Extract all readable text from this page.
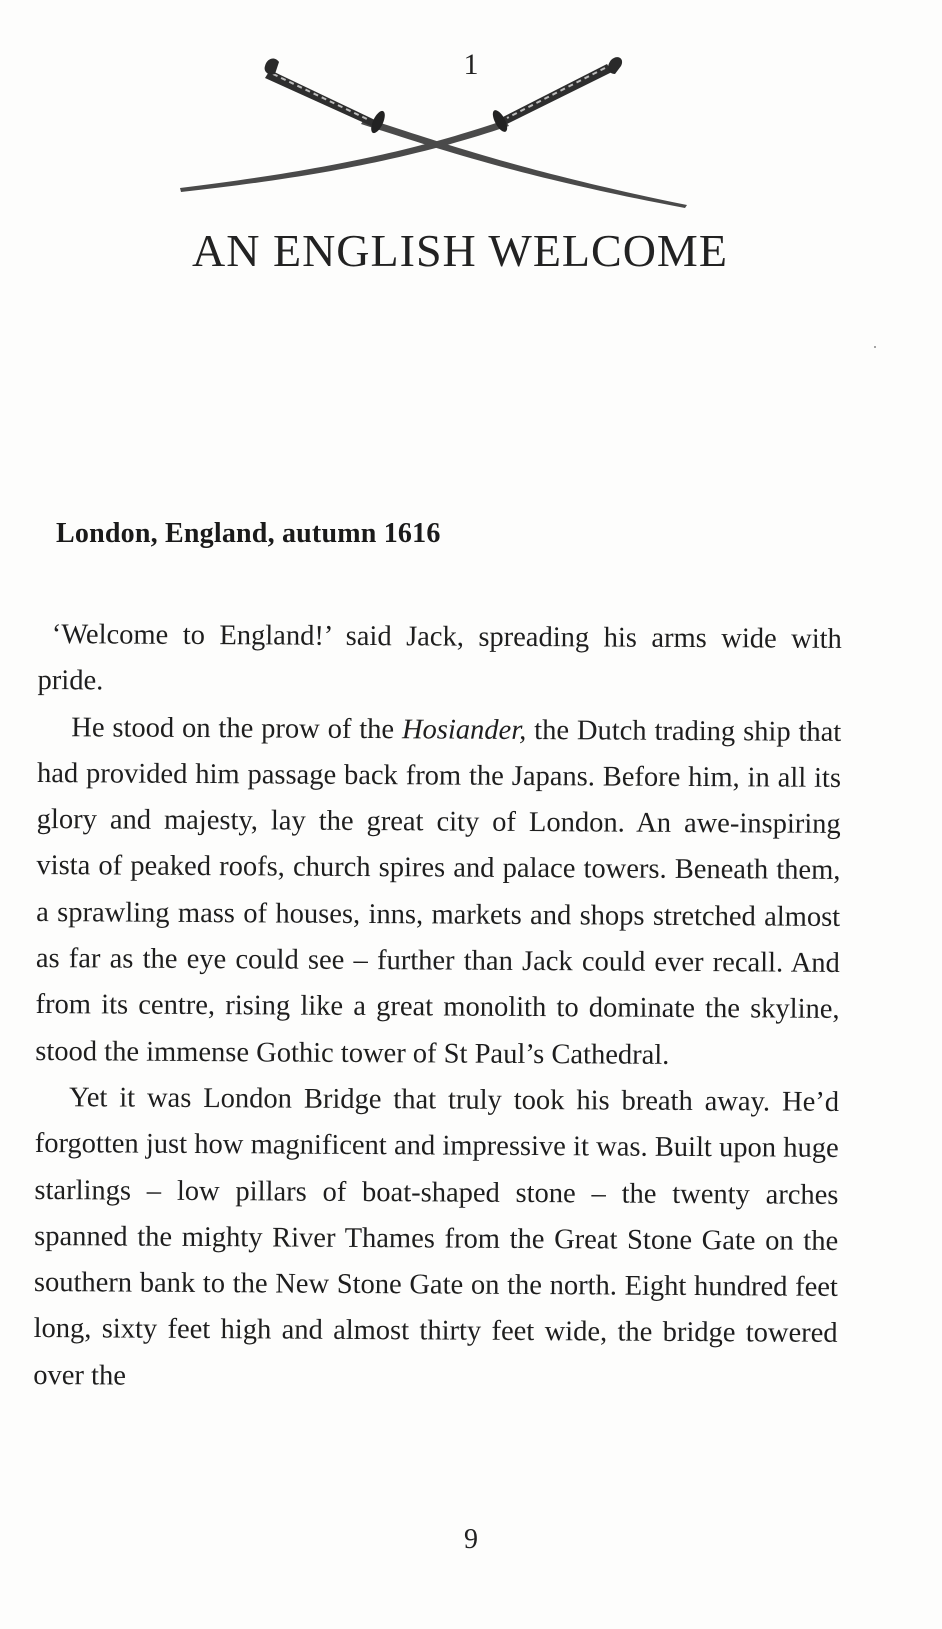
1
AN ENGLISH WELCOME
London, England, autumn 1616

‘Welcome to England!’ said Jack, spreading his arms wide with pride.

He stood on the prow of the Hosiander, the Dutch trading ship that had provided him passage back from the Japans. Before him, in all its glory and majesty, lay the great city of London. An awe-inspiring vista of peaked roofs, church spires and palace towers. Beneath them, a sprawling mass of houses, inns, markets and shops stretched almost as far as the eye could see – further than Jack could ever recall. And from its centre, rising like a great monolith to dominate the skyline, stood the immense Gothic tower of St Paul’s Cathedral.

Yet it was London Bridge that truly took his breath away. He’d forgotten just how magnificent and impressive it was. Built upon huge starlings – low pillars of boat-shaped stone – the twenty arches spanned the mighty River Thames from the Great Stone Gate on the southern bank to the New Stone Gate on the north. Eight hundred feet long, sixty feet high and almost thirty feet wide, the bridge towered over the

9
